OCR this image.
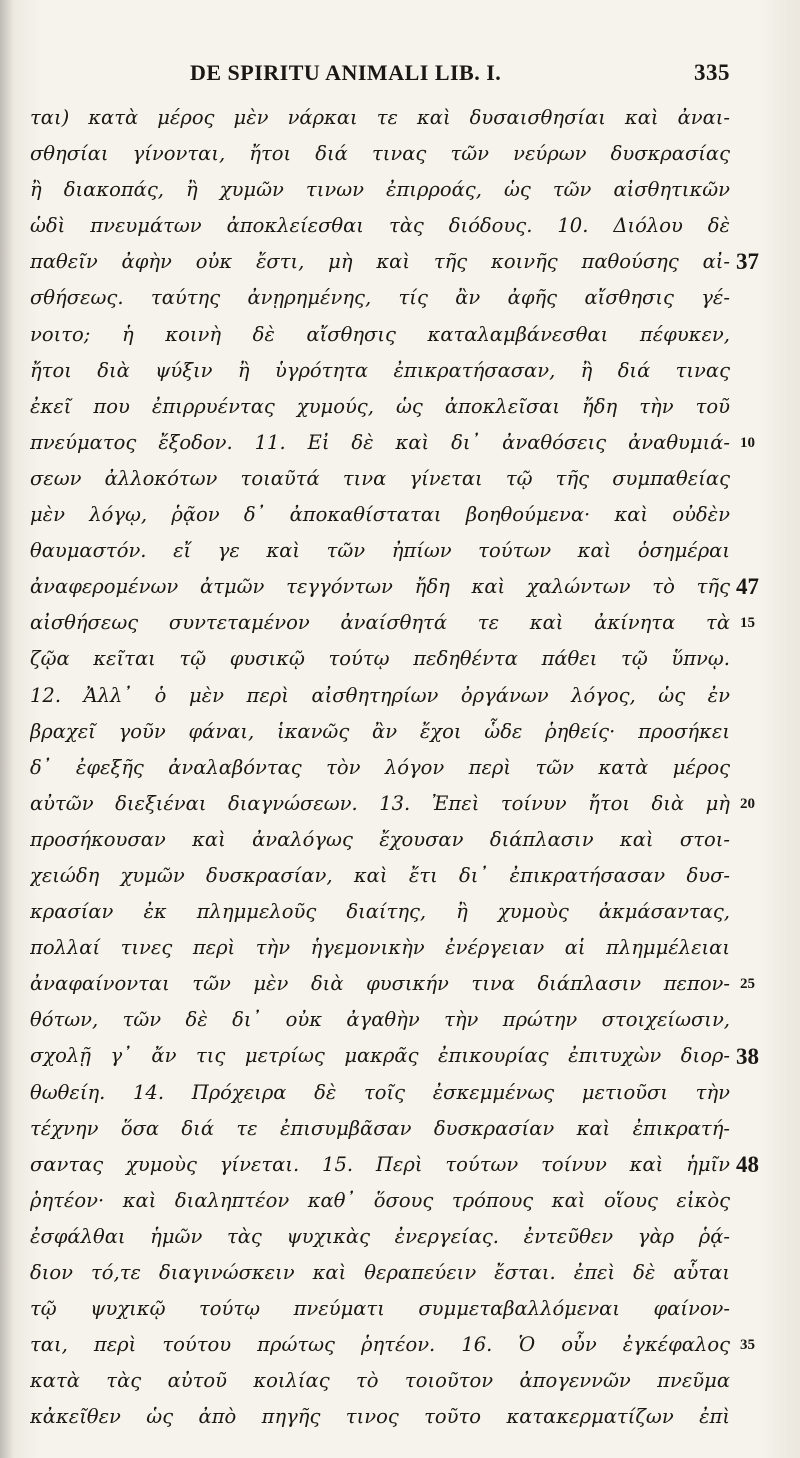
DE SPIRITU ANIMALI LIB. I.	335
ται) κατὰ μέρος μὲν νάρκαι τε καὶ δυσαισθησίαι καὶ ἀναι-
σθησίαι γίνονται, ἤτοι διά τινας τῶν νεύρων δυσκρασίας
ἢ διακοπάς, ἢ χυμῶν τινων ἐπιρροάς, ὡς τῶν αἰσθητικῶν
ὡδὶ πνευμάτων ἀποκλείεσθαι τὰς διόδους. 10. Διόλου δὲ
παθεῖν ἀφὴν οὐκ ἔστι, μὴ καὶ τῆς κοινῆς παθούσης αἰ-
σθήσεως. ταύτης ἀνῃρημένης, τίς ἂν ἀφῆς αἴσθησις γέ-
νοιτο; ἡ κοινὴ δὲ αἴσθησις καταλαμβάνεσθαι πέφυκεν,
ἤτοι διὰ ψύξιν ἢ ὑγρότητα ἐπικρατήσασαν, ἢ διά τινας
ἐκεῖ που ἐπιρρυέντας χυμούς, ὡς ἀποκλεῖσαι ἤδη τὴν τοῦ
πνεύματος ἔξοδον. 11. Εἰ δὲ καὶ δι᾽ ἀναθόσεις ἀναθυμιά-
σεων ἀλλοκότων τοιαῦτά τινα γίνεται τῷ τῆς συμπαθείας
μὲν λόγῳ, ῥᾷον δ᾽ ἀποκαθίσταται βοηθούμενα· καὶ οὐδὲν
θαυμαστόν. εἴ γε καὶ τῶν ἠπίων τούτων καὶ ὁσημέραι
ἀναφερομένων ἀτμῶν τεγγόντων ἤδη καὶ χαλώντων τὸ τῆς
αἰσθήσεως συντεταμένον ἀναίσθητά τε καὶ ἀκίνητα τὰ
ζῷα κεῖται τῷ φυσικῷ τούτῳ πεδηθέντα πάθει τῷ ὕπνῳ.
12. Ἀλλ᾽ ὁ μὲν περὶ αἰσθητηρίων ὀργάνων λόγος, ὡς ἐν
βραχεῖ γοῦν φάναι, ἱκανῶς ἂν ἔχοι ὧδε ῥηθείς· προσήκει
δ᾽ ἐφεξῆς ἀναλαβόντας τὸν λόγον περὶ τῶν κατὰ μέρος
αὐτῶν διεξιέναι διαγνώσεων. 13. Ἐπεὶ τοίνυν ἤτοι διὰ μὴ
προσήκουσαν καὶ ἀναλόγως ἔχουσαν διάπλασιν καὶ στοι-
χειώδη χυμῶν δυσκρασίαν, καὶ ἔτι δι᾽ ἐπικρατήσασαν δυσ-
κρασίαν ἐκ πλημμελοῦς διαίτης, ἢ χυμοὺς ἀκμάσαντας,
πολλαί τινες περὶ τὴν ἡγεμονικὴν ἐνέργειαν αἱ πλημμέλειαι
ἀναφαίνονται τῶν μὲν διὰ φυσικήν τινα διάπλασιν πεπον-
θότων, τῶν δὲ δι᾽ οὐκ ἀγαθὴν τὴν πρώτην στοιχείωσιν,
σχολῇ γ᾽ ἄν τις μετρίως μακρᾶς ἐπικουρίας ἐπιτυχὼν διορ-
θωθείη. 14. Πρόχειρα δὲ τοῖς ἐσκεμμένως μετιοῦσι τὴν
τέχνην ὅσα διά τε ἐπισυμβᾶσαν δυσκρασίαν καὶ ἐπικρατή-
σαντας χυμοὺς γίνεται. 15. Περὶ τούτων τοίνυν καὶ ἡμῖν
ῥητέον· καὶ διαληπτέον καθ᾽ ὅσους τρόπους καὶ οἵους εἰκὸς
ἐσφάλθαι ἡμῶν τὰς ψυχικὰς ἐνεργείας. ἐντεῦθεν γὰρ ῥᾴ-
διον τό,τε διαγινώσκειν καὶ θεραπεύειν ἔσται. ἐπεὶ δὲ αὗται
τῷ ψυχικῷ τούτῳ πνεύματι συμμεταβαλλόμεναι φαίνον-
ται, περὶ τούτου πρώτως ῥητέον. 16. Ὁ οὖν ἐγκέφαλος
κατὰ τὰς αὐτοῦ κοιλίας τὸ τοιοῦτον ἀπογεννῶν πνεῦμα
κἀκεῖθεν ὡς ἀπὸ πηγῆς τινος τοῦτο κατακερματίζων ἐπὶ
37
10
47
15
20
25
38
48
35
